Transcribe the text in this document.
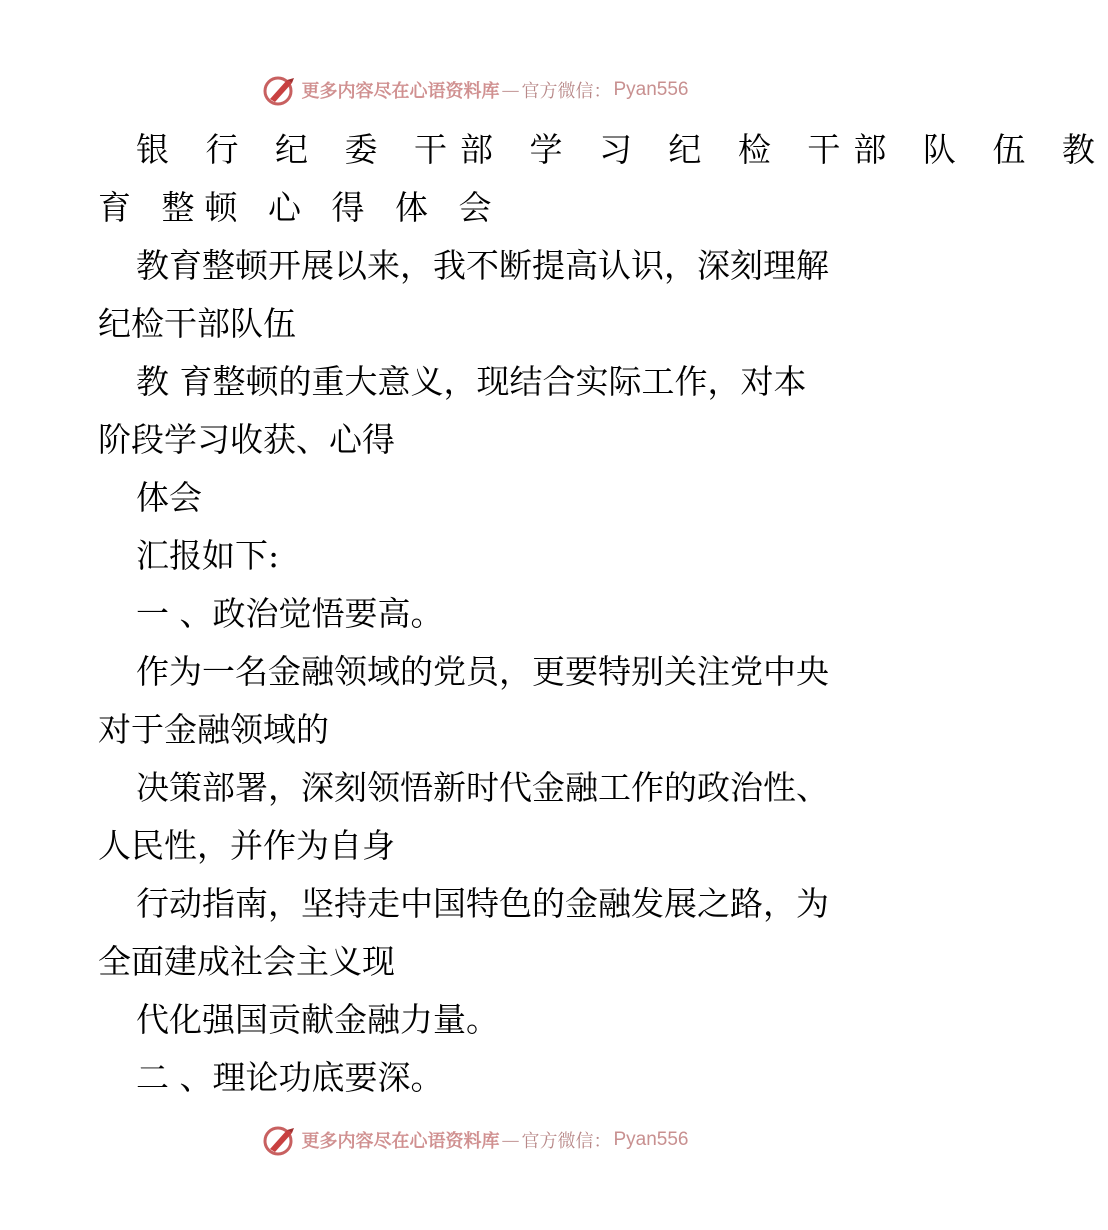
更多内容尽在心语资料库 — 官方微信： Pyan556
银 行 纪 委 干部 学 习 纪 检 干部 队 伍 教
育 整顿 心 得 体 会
教育整顿开展以来，我不断提高认识，深刻理解
纪检干部队伍
教 育整顿的重大意义，现结合实际工作，对本
阶段学习收获、心得
体会
汇报如下:
一 、政治觉悟要高。
作为一名金融领域的党员，更要特别关注党中央
对于金融领域的
决策部署，深刻领悟新时代金融工作的政治性、
人民性，并作为自身
行动指南，坚持走中国特色的金融发展之路，为
全面建成社会主义现
代化强国贡献金融力量。
二 、理论功底要深。
更多内容尽在心语资料库 — 官方微信： Pyan556
